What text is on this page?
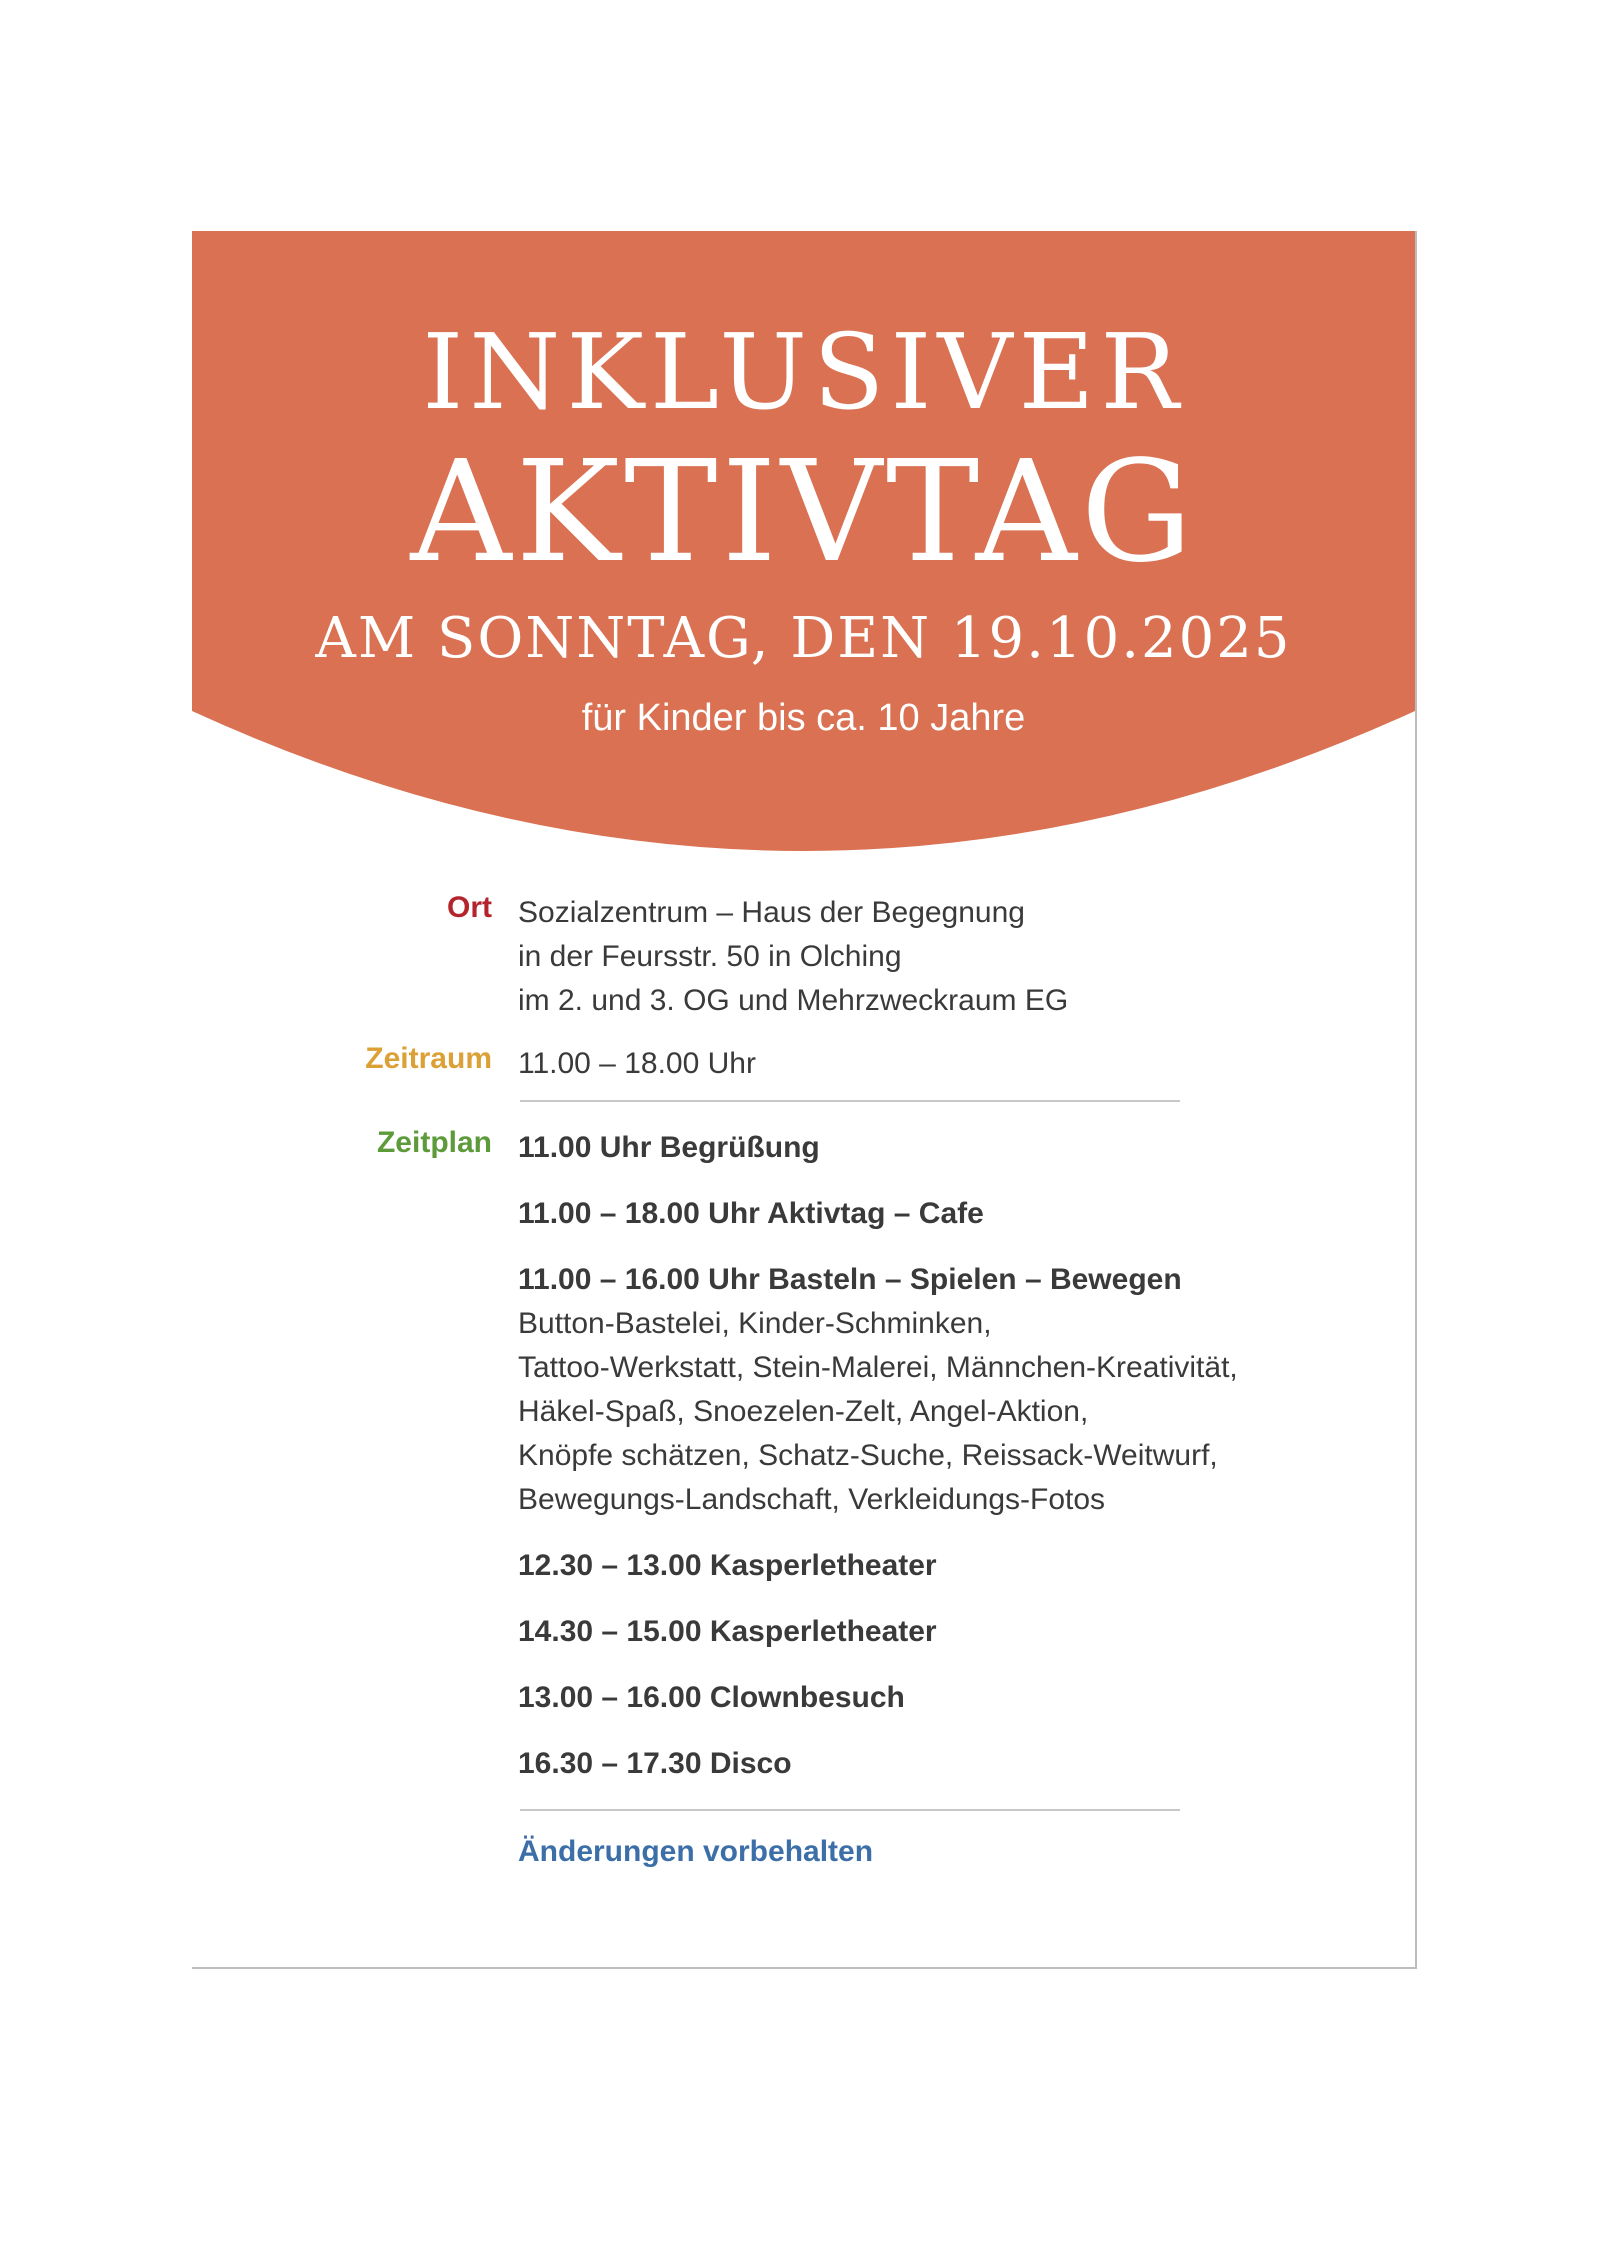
INKLUSIVER
AKTIVTAG
AM SONNTAG, DEN 19.10.2025
für Kinder bis ca. 10 Jahre
Ort Sozialzentrum – Haus der Begegnung
in der Feursstr. 50 in Olching
im 2. und 3. OG und Mehrzweckraum EG
Zeitraum 11.00 – 18.00 Uhr
Zeitplan 11.00 Uhr Begrüßung
11.00 – 18.00 Uhr Aktivtag – Cafe
11.00 – 16.00 Uhr Basteln – Spielen – Bewegen
Button-Bastelei, Kinder-Schminken,
Tattoo-Werkstatt, Stein-Malerei, Männchen-Kreativität,
Häkel-Spaß, Snoezelen-Zelt, Angel-Aktion,
Knöpfe schätzen, Schatz-Suche, Reissack-Weitwurf,
Bewegungs-Landschaft, Verkleidungs-Fotos
12.30 – 13.00 Kasperletheater
14.30 – 15.00 Kasperletheater
13.00 – 16.00 Clownbesuch
16.30 – 17.30 Disco
Änderungen vorbehalten
